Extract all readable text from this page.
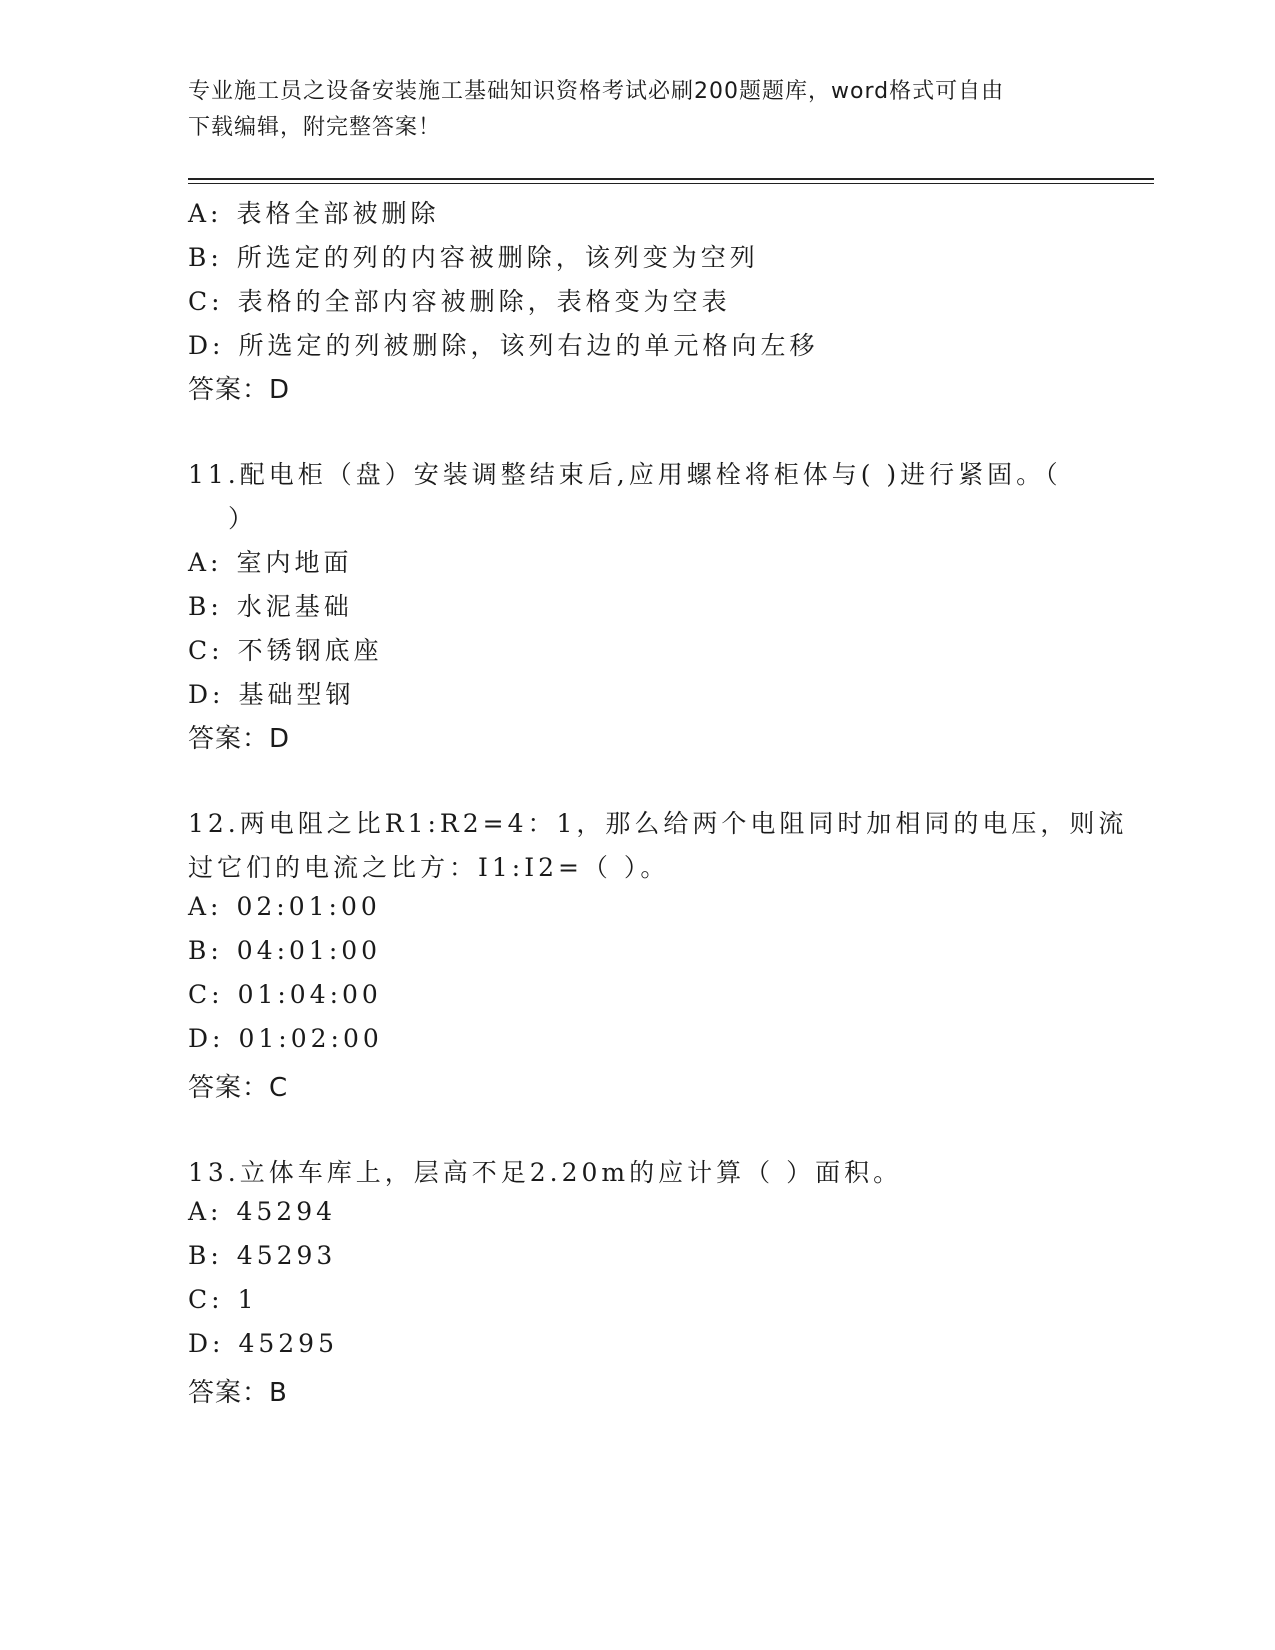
专业施工员之设备安装施工基础知识资格考试必刷200题题库，word格式可自由
下载编辑，附完整答案！
A: 表格全部被删除
B: 所选定的列的内容被删除，该列变为空列
C: 表格的全部内容被删除，表格变为空表
D: 所选定的列被删除，该列右边的单元格向左移
答案：D
11.配电柜（盘）安装调整结束后,应用螺栓将柜体与( )进行紧固。（
）
A: 室内地面
B: 水泥基础
C: 不锈钢底座
D: 基础型钢
答案：D
12.两电阻之比R1:R2=4：1，那么给两个电阻同时加相同的电压，则流
过它们的电流之比方：I1:I2=（ ）。
A: 02:01:00
B: 04:01:00
C: 01:04:00
D: 01:02:00
答案：C
13.立体车库上，层高不足2.20m的应计算（ ）面积。
A: 45294
B: 45293
C: 1
D: 45295
答案：B
